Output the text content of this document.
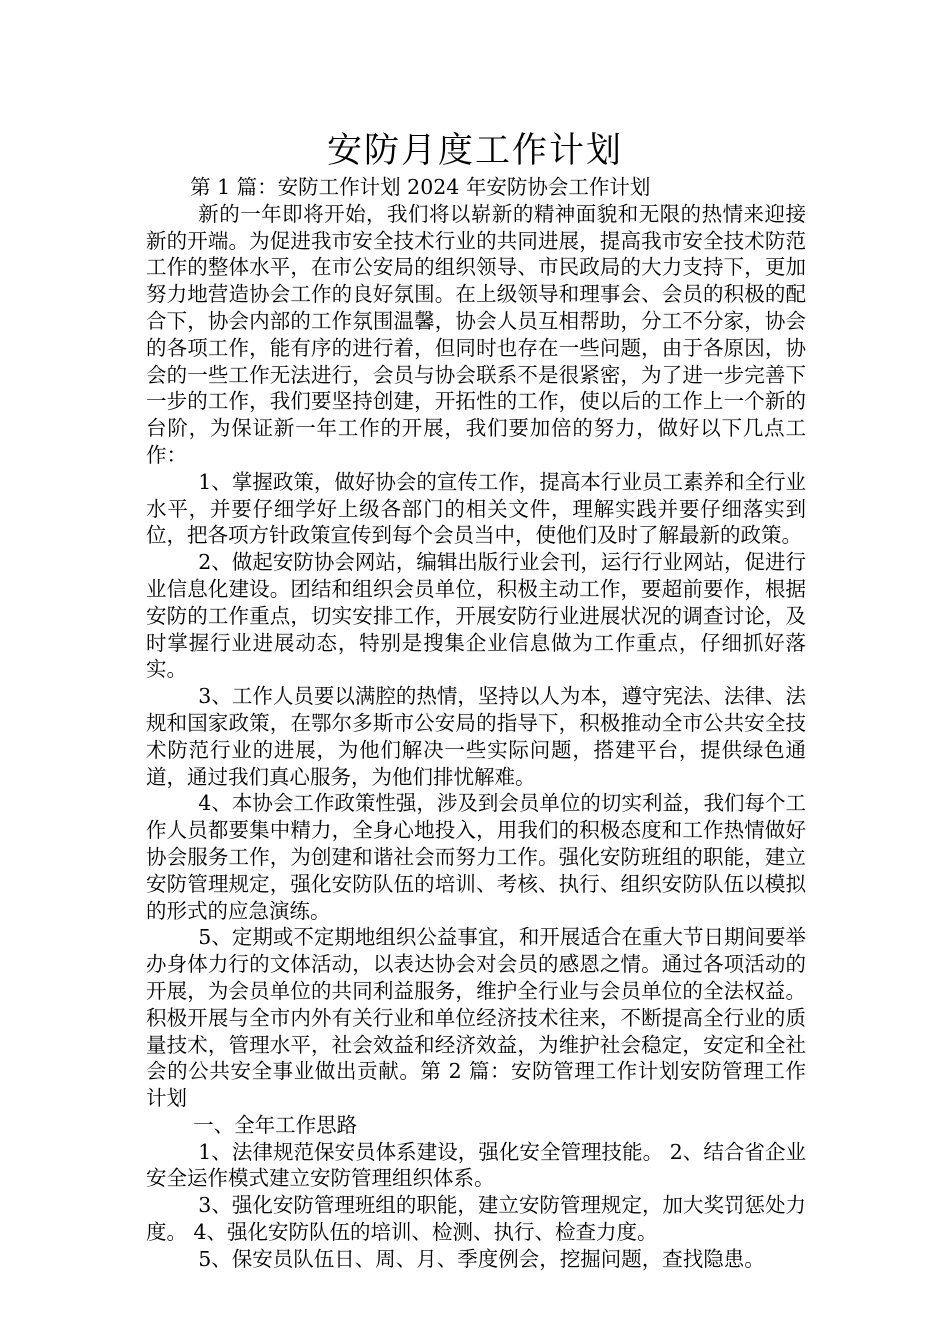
安防月度工作计划

第 1 篇：安防工作计划 2024 年安防协会工作计划

新的一年即将开始，我们将以崭新的精神面貌和无限的热情来迎接新的开端。为促进我市安全技术行业的共同进展，提高我市安全技术防范工作的整体水平，在市公安局的组织领导、市民政局的大力支持下，更加努力地营造协会工作的良好氛围。在上级领导和理事会、会员的积极的配合下，协会内部的工作氛围温馨，协会人员互相帮助，分工不分家，协会的各项工作，能有序的进行着，但同时也存在一些问题，由于各原因，协会的一些工作无法进行，会员与协会联系不是很紧密，为了进一步完善下一步的工作，我们要坚持创建，开拓性的工作，使以后的工作上一个新的台阶，为保证新一年工作的开展，我们要加倍的努力，做好以下几点工作：

1、掌握政策，做好协会的宣传工作，提高本行业员工素养和全行业水平，并要仔细学好上级各部门的相关文件，理解实践并要仔细落实到位，把各项方针政策宣传到每个会员当中，使他们及时了解最新的政策。

2、做起安防协会网站，编辑出版行业会刊，运行行业网站，促进行业信息化建设。团结和组织会员单位，积极主动工作，要超前要作，根据安防的工作重点，切实安排工作，开展安防行业进展状况的调查讨论，及时掌握行业进展动态，特别是搜集企业信息做为工作重点，仔细抓好落实。

3、工作人员要以满腔的热情，坚持以人为本，遵守宪法、法律、法规和国家政策，在鄂尔多斯市公安局的指导下，积极推动全市公共安全技术防范行业的进展，为他们解决一些实际问题，搭建平台，提供绿色通道，通过我们真心服务，为他们排忧解难。

4、本协会工作政策性强，涉及到会员单位的切实利益，我们每个工作人员都要集中精力，全身心地投入，用我们的积极态度和工作热情做好协会服务工作，为创建和谐社会而努力工作。强化安防班组的职能，建立安防管理规定，强化安防队伍的培训、考核、执行、组织安防队伍以模拟的形式的应急演练。

5、定期或不定期地组织公益事宜，和开展适合在重大节日期间要举办身体力行的文体活动，以表达协会对会员的感恩之情。通过各项活动的开展，为会员单位的共同利益服务，维护全行业与会员单位的全法权益。积极开展与全市内外有关行业和单位经济技术往来，不断提高全行业的质量技术，管理水平，社会效益和经济效益，为维护社会稳定，安定和全社会的公共安全事业做出贡献。第 2 篇：安防管理工作计划安防管理工作计划

一、全年工作思路

1、法律规范保安员体系建设，强化安全管理技能。 2、结合省企业安全运作模式建立安防管理组织体系。

3、强化安防管理班组的职能，建立安防管理规定，加大奖罚惩处力度。 4、强化安防队伍的培训、检测、执行、检查力度。

5、保安员队伍日、周、月、季度例会，挖掘问题，查找隐患。
